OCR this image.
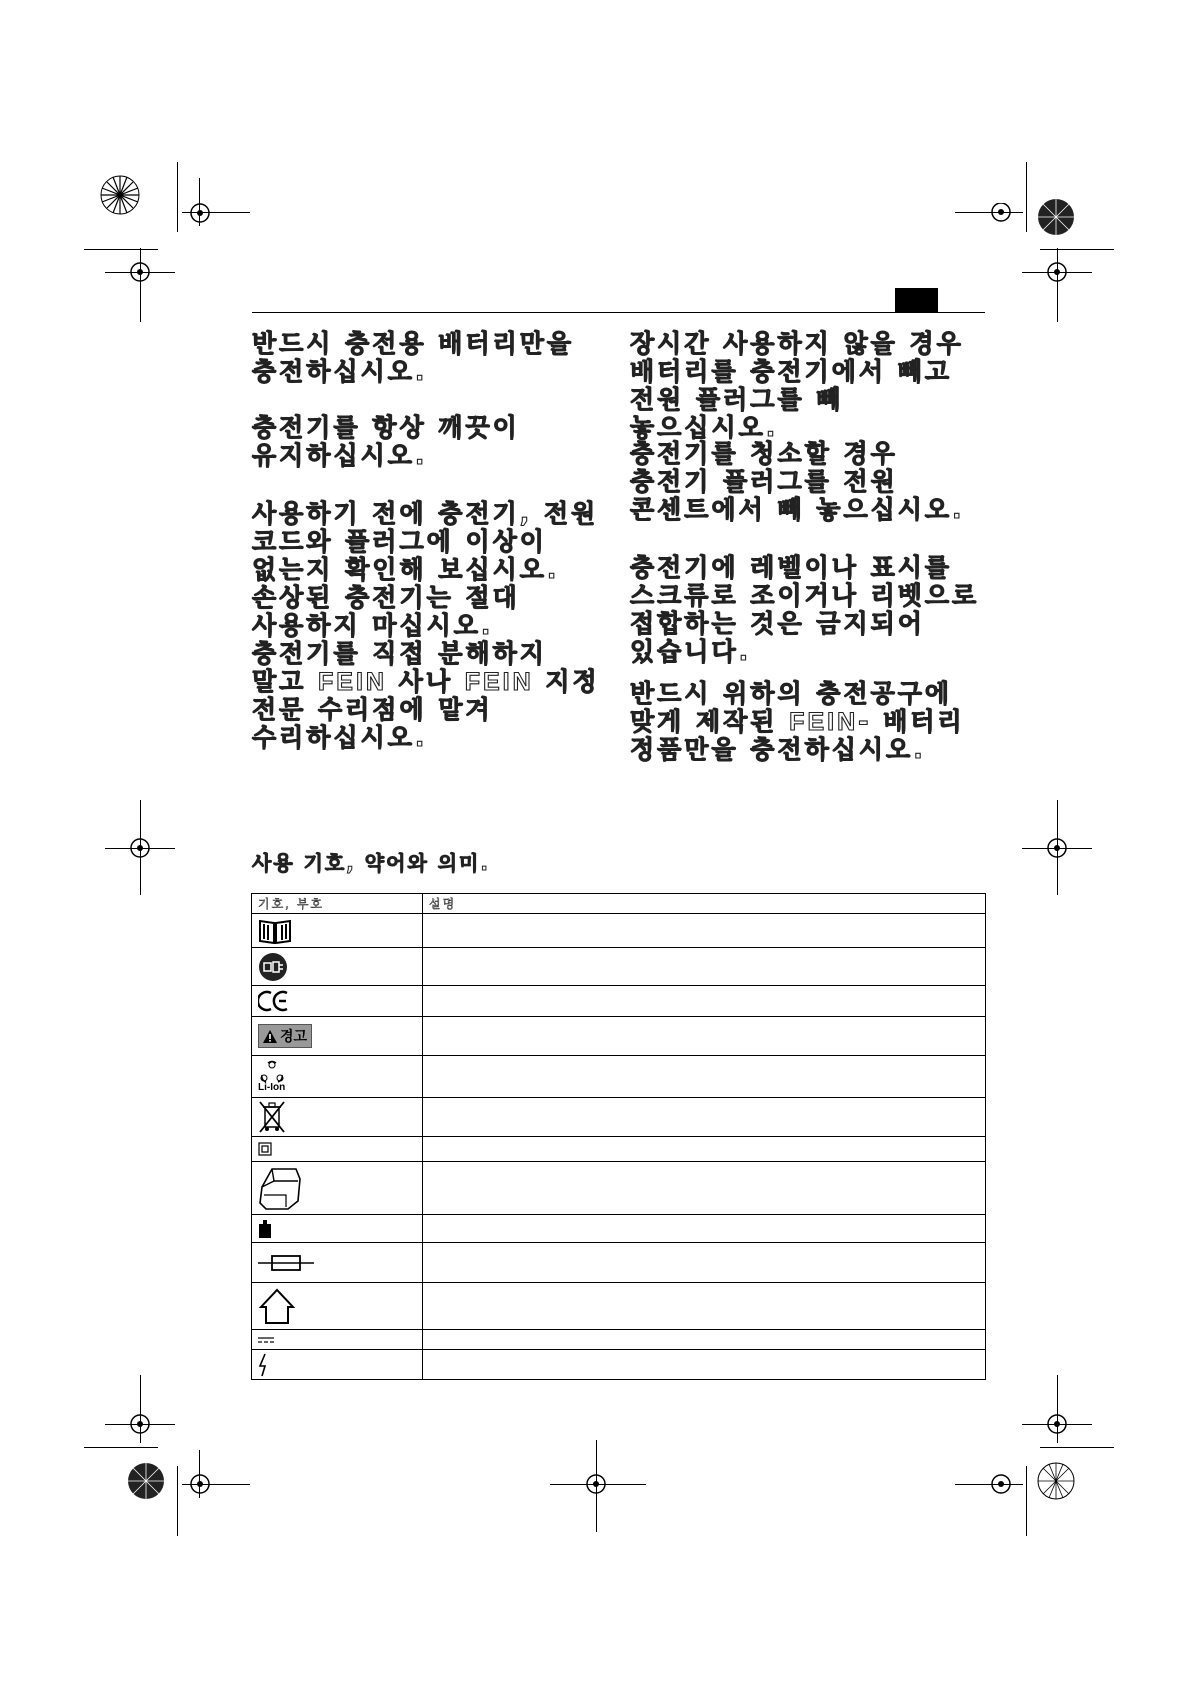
반드시 충전용 배터리만을 충전하십시오.
충전기를 항상 깨끗이 유지하십시오.
사용하기 전에 충전기, 전원 코드와 플러그에 이상이 없는지 확인해 보십시오. 손상된 충전기는 절대 사용하지 마십시오. 충전기를 직접 분해하지 말고 FEIN 사나 FEIN 지정 전문 수리점에 맡겨 수리하십시오.
장시간 사용하지 않을 경우 배터리를 충전기에서 빼고 전원 플러그를 빼 놓으십시오.
충전기를 청소할 경우 충전기 플러그를 전원 콘센트에서 빼 놓으십시오.
충전기에 레벨이나 표시를 스크류로 조이거나 리벳으로 접합하는 것은 금지되어 있습니다.
반드시 위하의 충전공구에 맞게 제작된 FEIN- 배터리 정품만을 충전하십시오.
사용 기호, 약어와 의미.
기호, 부호	설명

경고	

Li-Ion	
